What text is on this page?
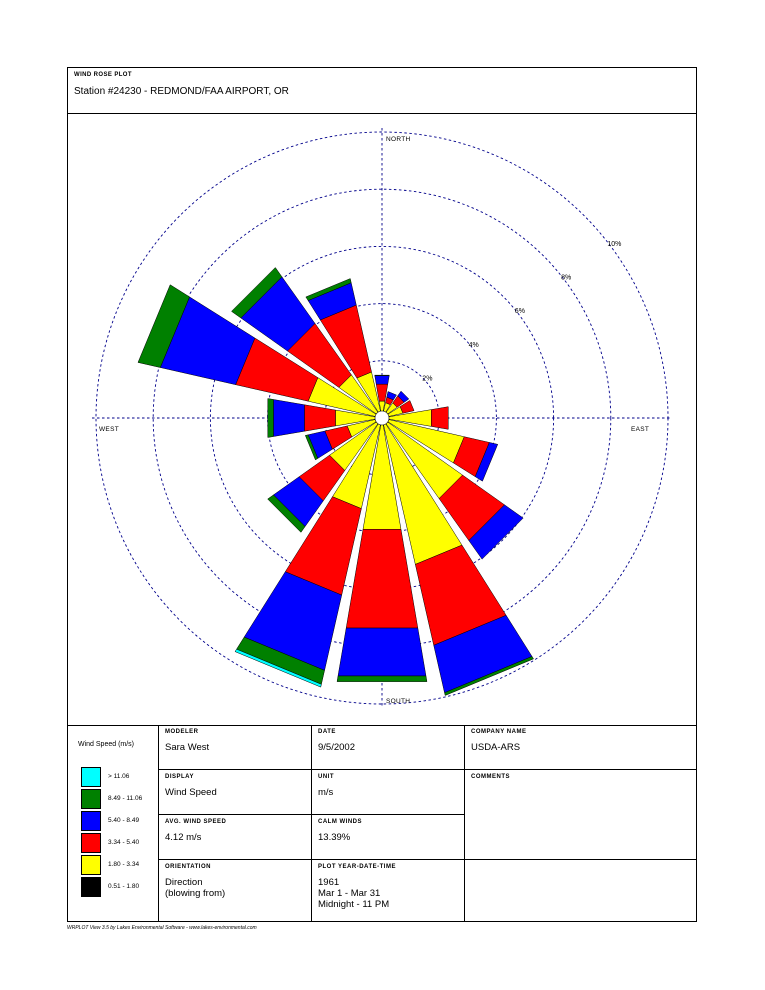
WIND ROSE PLOT
Station #24230 - REDMOND/FAA AIRPORT, OR
2%
4%
6%
8%
10%
NORTH
EAST
SOUTH
WEST
Wind Speed (m/s)
> 11.06
8.49 - 11.06
5.40 - 8.49
3.34 - 5.40
1.80 - 3.34
0.51 - 1.80
MODELER
Sara West
DATE
9/5/2002
COMPANY NAME
USDA-ARS
DISPLAY
Wind Speed
UNIT
m/s
COMMENTS
AVG. WIND SPEED
4.12 m/s
CALM WINDS
13.39%
ORIENTATION
Direction
(blowing from)
PLOT YEAR-DATE-TIME
1961
Mar 1 - Mar 31
Midnight - 11 PM
WRPLOT View 3.5 by Lakes Environmental Software - www.lakes-environmental.com
